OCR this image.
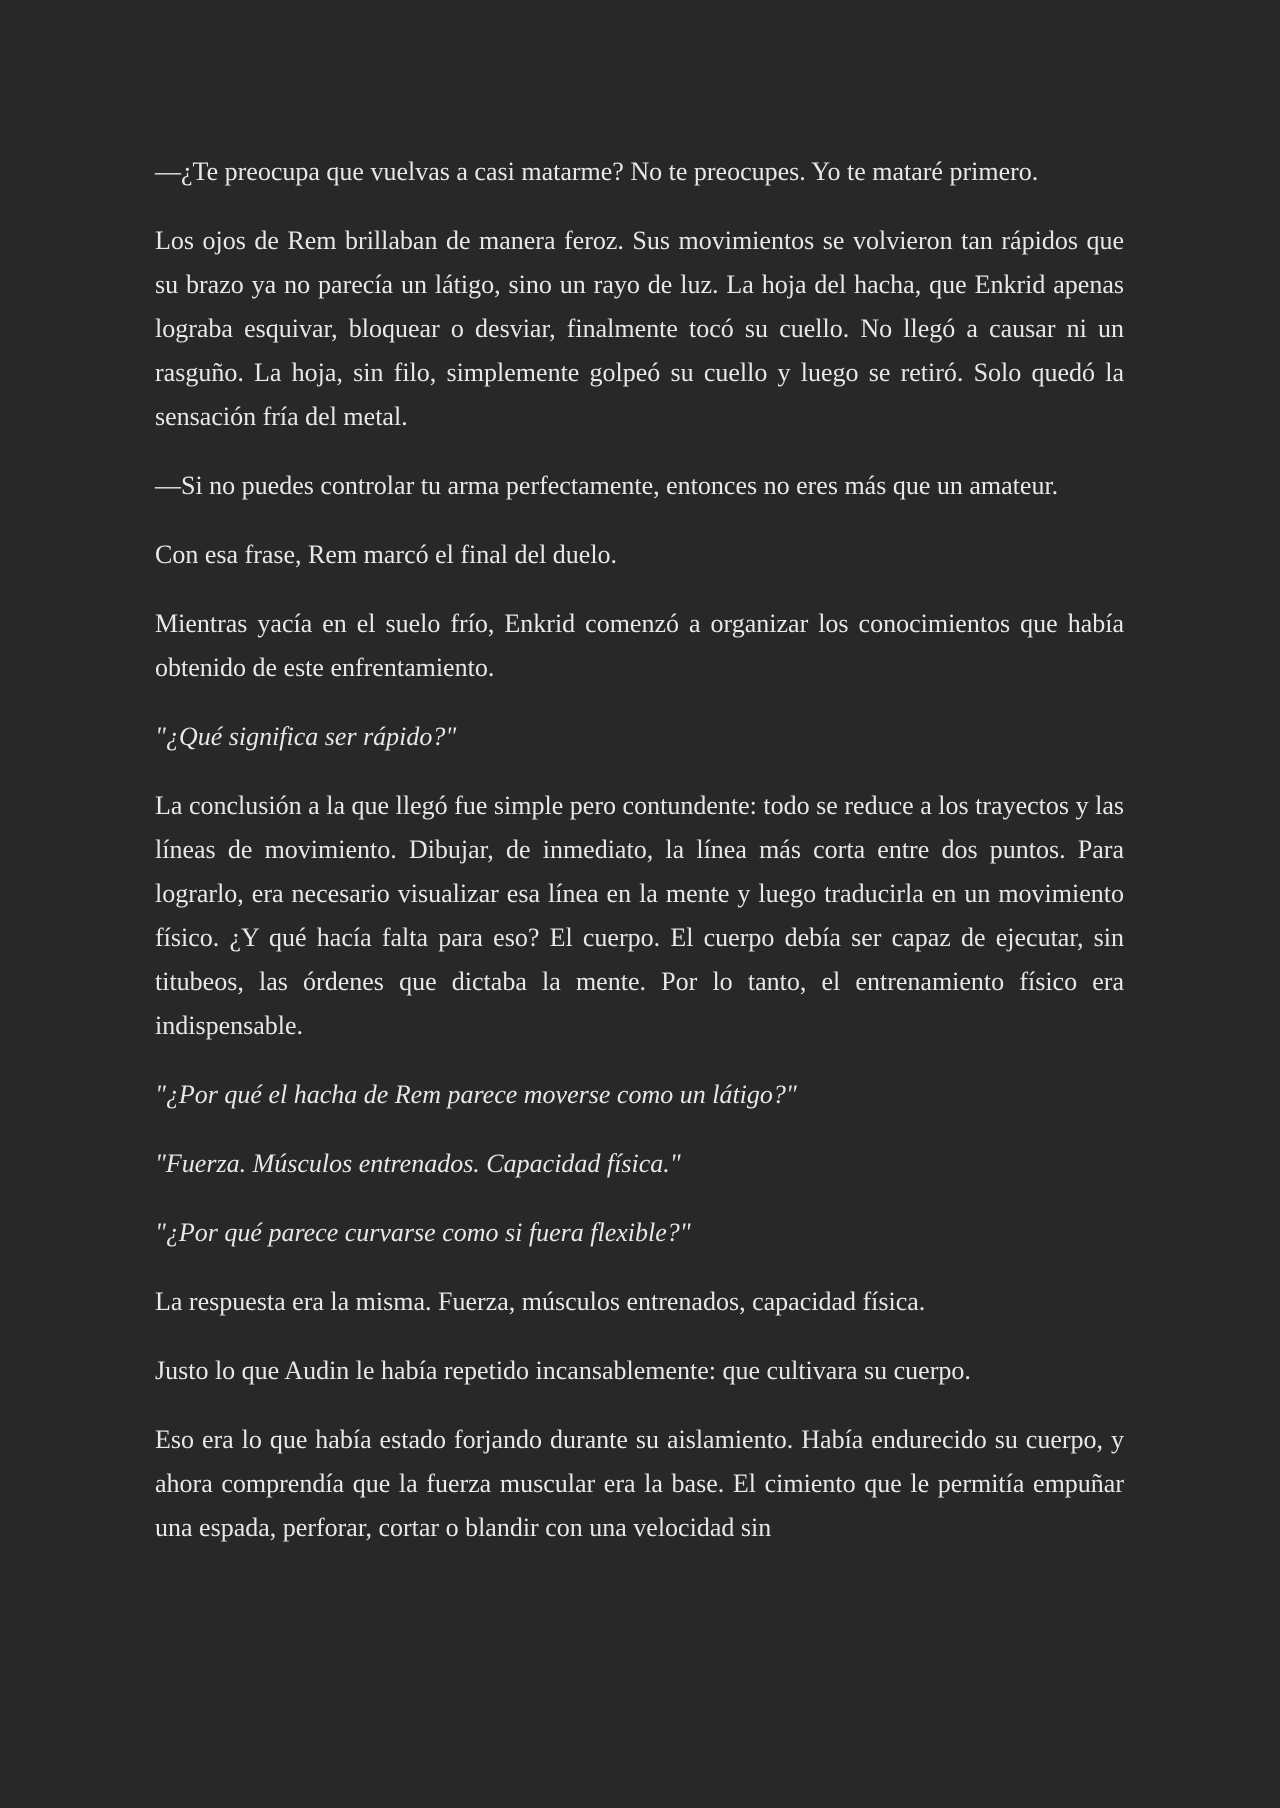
—¿Te preocupa que vuelvas a casi matarme? No te preocupes. Yo te mataré primero.

Los ojos de Rem brillaban de manera feroz. Sus movimientos se volvieron tan rápidos que su brazo ya no parecía un látigo, sino un rayo de luz. La hoja del hacha, que Enkrid apenas lograba esquivar, bloquear o desviar, finalmente tocó su cuello. No llegó a causar ni un rasguño. La hoja, sin filo, simplemente golpeó su cuello y luego se retiró. Solo quedó la sensación fría del metal.

—Si no puedes controlar tu arma perfectamente, entonces no eres más que un amateur.

Con esa frase, Rem marcó el final del duelo.

Mientras yacía en el suelo frío, Enkrid comenzó a organizar los conocimientos que había obtenido de este enfrentamiento.

"¿Qué significa ser rápido?"

La conclusión a la que llegó fue simple pero contundente: todo se reduce a los trayectos y las líneas de movimiento. Dibujar, de inmediato, la línea más corta entre dos puntos. Para lograrlo, era necesario visualizar esa línea en la mente y luego traducirla en un movimiento físico. ¿Y qué hacía falta para eso? El cuerpo. El cuerpo debía ser capaz de ejecutar, sin titubeos, las órdenes que dictaba la mente. Por lo tanto, el entrenamiento físico era indispensable.

"¿Por qué el hacha de Rem parece moverse como un látigo?"

"Fuerza. Músculos entrenados. Capacidad física."

"¿Por qué parece curvarse como si fuera flexible?"

La respuesta era la misma. Fuerza, músculos entrenados, capacidad física.

Justo lo que Audin le había repetido incansablemente: que cultivara su cuerpo.

Eso era lo que había estado forjando durante su aislamiento. Había endurecido su cuerpo, y ahora comprendía que la fuerza muscular era la base. El cimiento que le permitía empuñar una espada, perforar, cortar o blandir con una velocidad sin
